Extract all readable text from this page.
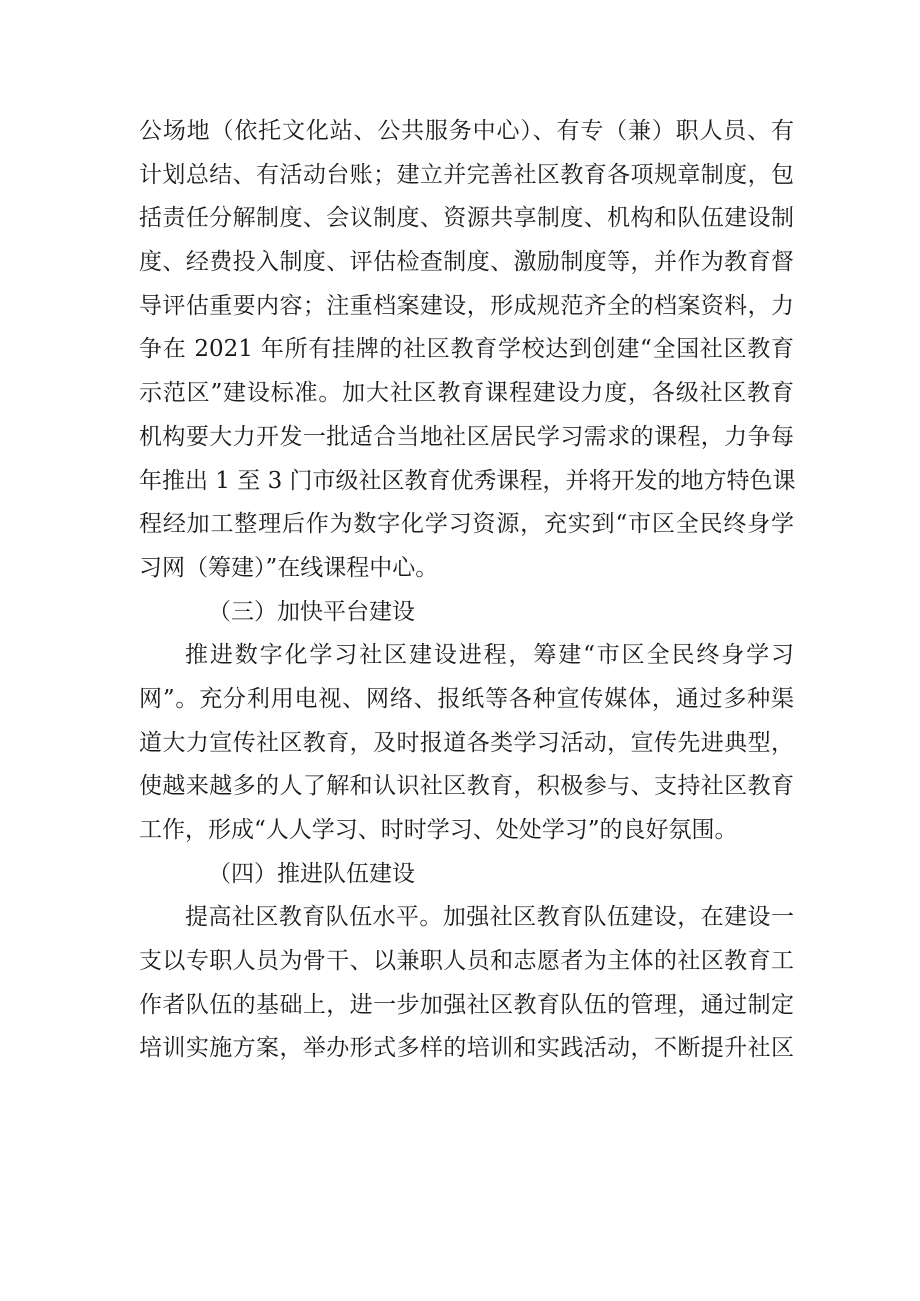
公场地（依托文化站、公共服务中心）、有专（兼）职人员、有
计划总结、有活动台账；建立并完善社区教育各项规章制度，包
括责任分解制度、会议制度、资源共享制度、机构和队伍建设制
度、经费投入制度、评估检查制度、激励制度等，并作为教育督
导评估重要内容；注重档案建设，形成规范齐全的档案资料，力
争在 2021 年所有挂牌的社区教育学校达到创建“全国社区教育
示范区”建设标准。加大社区教育课程建设力度，各级社区教育
机构要大力开发一批适合当地社区居民学习需求的课程，力争每
年推出 1 至 3 门市级社区教育优秀课程，并将开发的地方特色课
程经加工整理后作为数字化学习资源，充实到“市区全民终身学
习网（筹建）”在线课程中心。
（三）加快平台建设
推进数字化学习社区建设进程，筹建“市区全民终身学习
网”。充分利用电视、网络、报纸等各种宣传媒体，通过多种渠
道大力宣传社区教育，及时报道各类学习活动，宣传先进典型，
使越来越多的人了解和认识社区教育，积极参与、支持社区教育
工作，形成“人人学习、时时学习、处处学习”的良好氛围。
（四）推进队伍建设
提高社区教育队伍水平。加强社区教育队伍建设，在建设一
支以专职人员为骨干、以兼职人员和志愿者为主体的社区教育工
作者队伍的基础上，进一步加强社区教育队伍的管理，通过制定
培训实施方案，举办形式多样的培训和实践活动，不断提升社区
